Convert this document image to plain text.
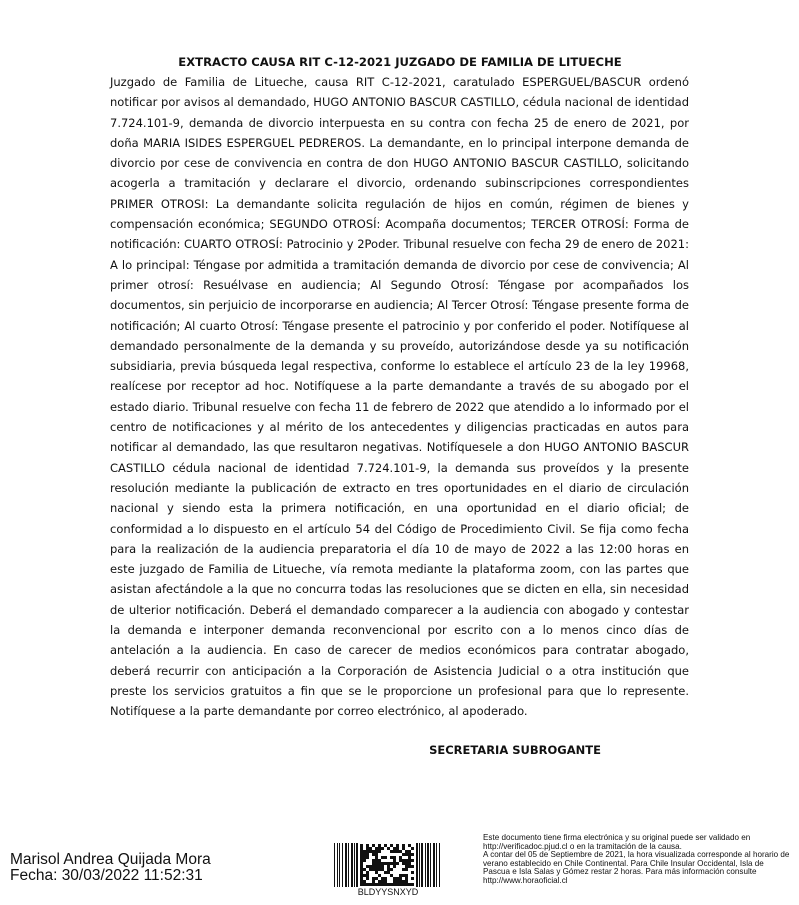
EXTRACTO CAUSA RIT C-12-2021 JUZGADO DE FAMILIA DE LITUECHE

Juzgado de Familia de Litueche, causa RIT C-12-2021, caratulado ESPERGUEL/BASCUR ordenó notificar por avisos al demandado, HUGO ANTONIO BASCUR CASTILLO, cédula nacional de identidad 7.724.101-9, demanda de divorcio interpuesta en su contra con fecha 25 de enero de 2021, por doña MARIA ISIDES ESPERGUEL PEDREROS. La demandante, en lo principal interpone demanda de divorcio por cese de convivencia en contra de don HUGO ANTONIO BASCUR CASTILLO, solicitando acogerla a tramitación y declarare el divorcio, ordenando subinscripciones correspondientes PRIMER OTROSI: La demandante solicita regulación de hijos en común, régimen de bienes y compensación económica; SEGUNDO OTROSÍ: Acompaña documentos; TERCER OTROSÍ: Forma de notificación: CUARTO OTROSÍ: Patrocinio y 2Poder. Tribunal resuelve con fecha 29 de enero de 2021: A lo principal: Téngase por admitida a tramitación demanda de divorcio por cese de convivencia; Al primer otrosí: Resuélvase en audiencia; Al Segundo Otrosí: Téngase por acompañados los documentos, sin perjuicio de incorporarse en audiencia; Al Tercer Otrosí: Téngase presente forma de notificación; Al cuarto Otrosí: Téngase presente el patrocinio y por conferido el poder. Notifíquese al demandado personalmente de la demanda y su proveído, autorizándose desde ya su notificación subsidiaria, previa búsqueda legal respectiva, conforme lo establece el artículo 23 de la ley 19968, realícese por receptor ad hoc. Notifíquese a la parte demandante a través de su abogado por el estado diario. Tribunal resuelve con fecha 11 de febrero de 2022 que atendido a lo informado por el centro de notificaciones y al mérito de los antecedentes y diligencias practicadas en autos para notificar al demandado, las que resultaron negativas. Notifíquesele a don HUGO ANTONIO BASCUR CASTILLO cédula nacional de identidad 7.724.101-9, la demanda sus proveídos y la presente resolución mediante la publicación de extracto en tres oportunidades en el diario de circulación nacional y siendo esta la primera notificación, en una oportunidad en el diario oficial; de conformidad a lo dispuesto en el artículo 54 del Código de Procedimiento Civil. Se fija como fecha para la realización de la audiencia preparatoria el día 10 de mayo de 2022 a las 12:00 horas en este juzgado de Familia de Litueche, vía remota mediante la plataforma zoom, con las partes que asistan afectándole a la que no concurra todas las resoluciones que se dicten en ella, sin necesidad de ulterior notificación. Deberá el demandado comparecer a la audiencia con abogado y contestar la demanda e interponer demanda reconvencional por escrito con a lo menos cinco días de antelación a la audiencia. En caso de carecer de medios económicos para contratar abogado, deberá recurrir con anticipación a la Corporación de Asistencia Judicial o a otra institución que preste los servicios gratuitos a fin que se le proporcione un profesional para que lo represente. Notifíquese a la parte demandante por correo electrónico, al apoderado.

SECRETARIA SUBROGANTE
Marisol Andrea Quijada Mora
Fecha: 30/03/2022 11:52:31
BLDYYSNXYD

Este documento tiene firma electrónica y su original puede ser validado en http://verificadoc.pjud.cl o en la tramitación de la causa.

A contar del 05 de Septiembre de 2021, la hora visualizada corresponde al horario de verano establecido en Chile Continental. Para Chile Insular Occidental, Isla de Pascua e Isla Salas y Gómez restar 2 horas. Para más información consulte http://www.horaoficial.cl
